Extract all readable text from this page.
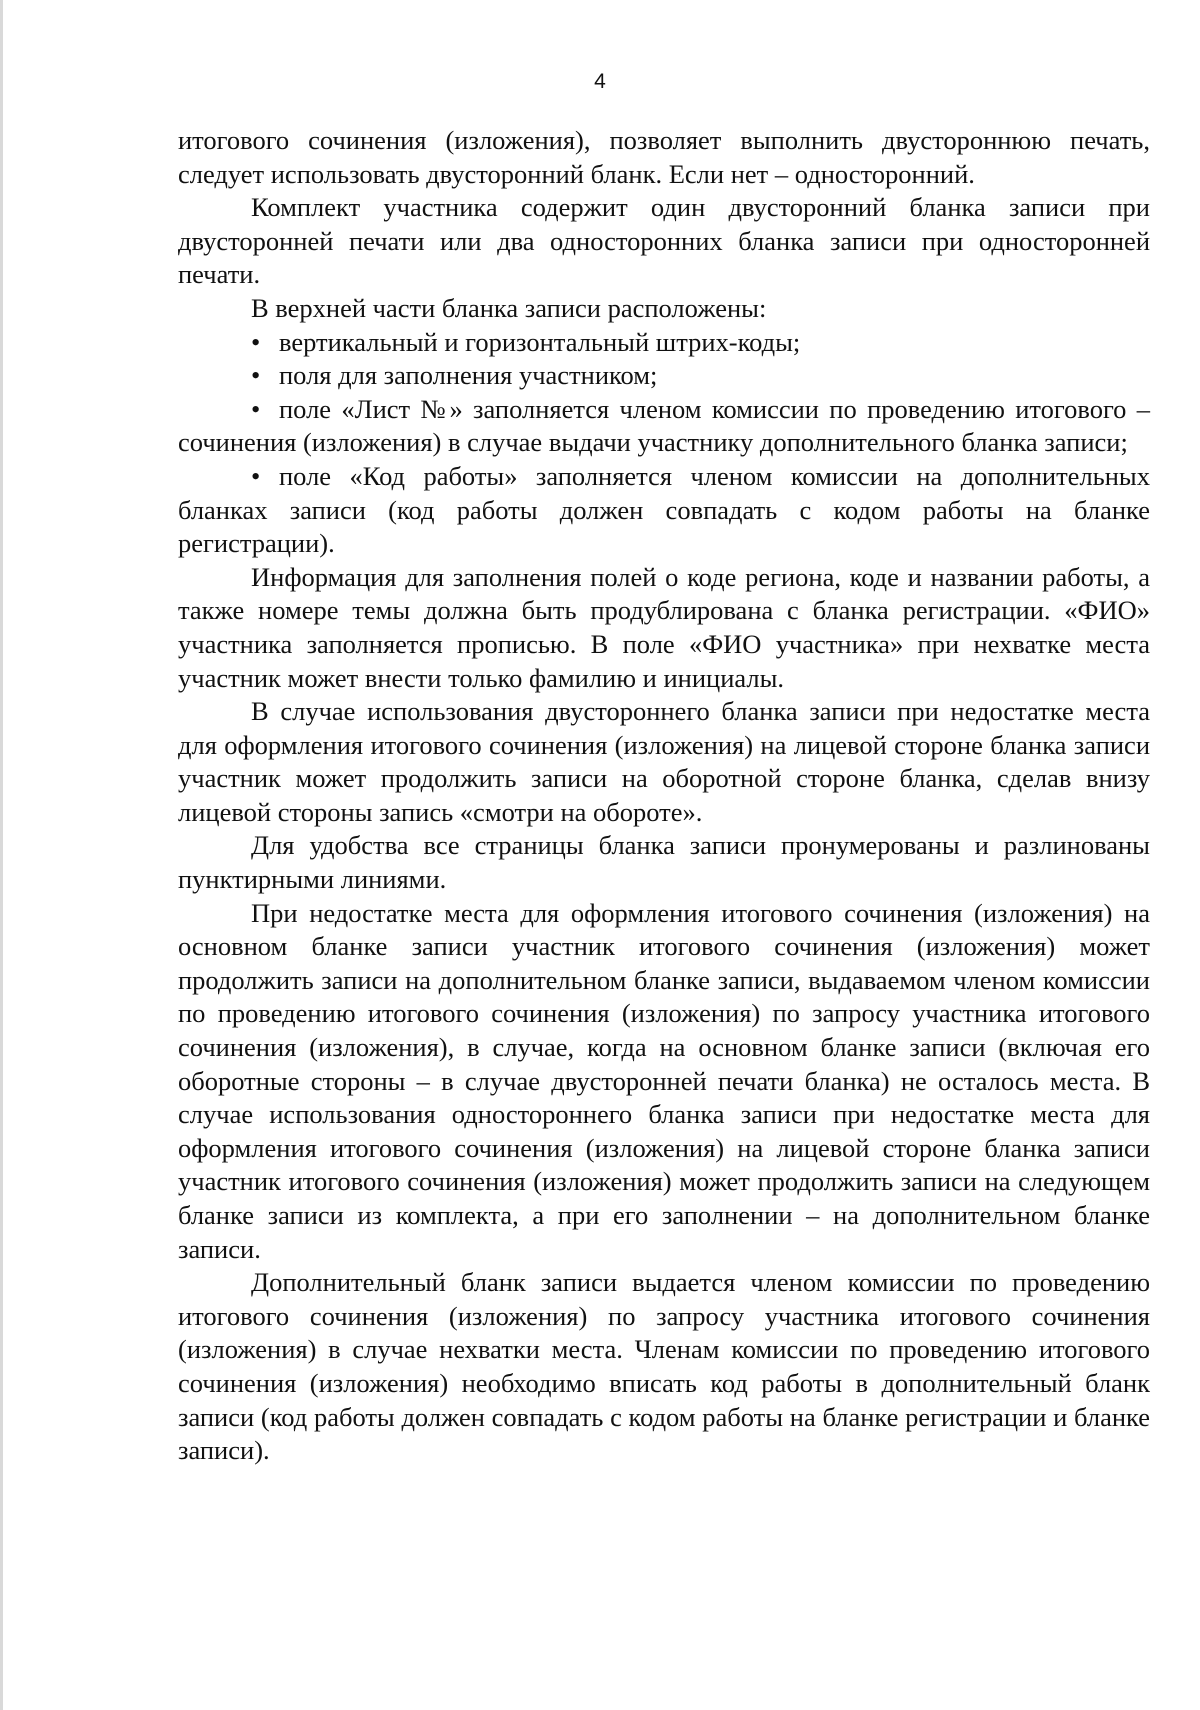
4

итогового сочинения (изложения), позволяет выполнить двустороннюю печать, следует использовать двусторонний бланк. Если нет – односторонний.

Комплект участника содержит один двусторонний бланка записи при двусторонней печати или два односторонних бланка записи при односторонней печати.

В верхней части бланка записи расположены:

• вертикальный и горизонтальный штрих-коды;

• поля для заполнения участником;

• поле «Лист №» заполняется членом комиссии по проведению итогового – сочинения (изложения) в случае выдачи участнику дополнительного бланка записи;

• поле «Код работы» заполняется членом комиссии на дополнительных бланках записи (код работы должен совпадать с кодом работы на бланке регистрации).

Информация для заполнения полей о коде региона, коде и названии работы, а также номере темы должна быть продублирована с бланка регистрации. «ФИО» участника заполняется прописью. В поле «ФИО участника» при нехватке места участник может внести только фамилию и инициалы.

В случае использования двустороннего бланка записи при недостатке места для оформления итогового сочинения (изложения) на лицевой стороне бланка записи участник может продолжить записи на оборотной стороне бланка, сделав внизу лицевой стороны запись «смотри на обороте».

Для удобства все страницы бланка записи пронумерованы и разлинованы пунктирными линиями.

При недостатке места для оформления итогового сочинения (изложения) на основном бланке записи участник итогового сочинения (изложения) может продолжить записи на дополнительном бланке записи, выдаваемом членом комиссии по проведению итогового сочинения (изложения) по запросу участника итогового сочинения (изложения), в случае, когда на основном бланке записи (включая его оборотные стороны – в случае двусторонней печати бланка) не осталось места. В случае использования одностороннего бланка записи при недостатке места для оформления итогового сочинения (изложения) на лицевой стороне бланка записи участник итогового сочинения (изложения) может продолжить записи на следующем бланке записи из комплекта, а при его заполнении – на дополнительном бланке записи.

Дополнительный бланк записи выдается членом комиссии по проведению итогового сочинения (изложения) по запросу участника итогового сочинения (изложения) в случае нехватки места. Членам комиссии по проведению итогового сочинения (изложения) необходимо вписать код работы в дополнительный бланк записи (код работы должен совпадать с кодом работы на бланке регистрации и бланке записи).
